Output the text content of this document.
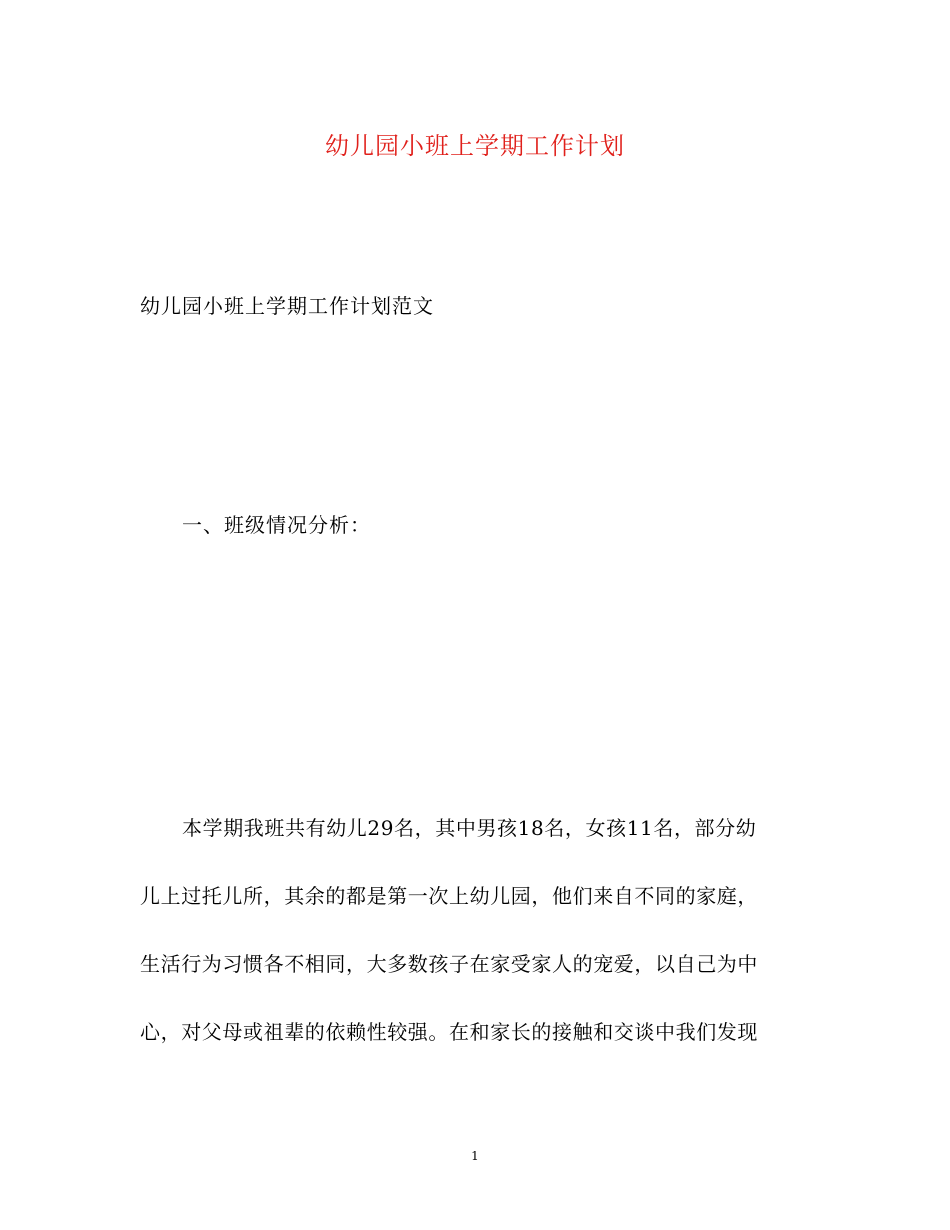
幼儿园小班上学期工作计划
幼儿园小班上学期工作计划范文
一、班级情况分析：

本学期我班共有幼儿29名，其中男孩18名，女孩11名，部分幼
儿上过托儿所，其余的都是第一次上幼儿园，他们来自不同的家庭，
生活行为习惯各不相同，大多数孩子在家受家人的宠爱，以自己为中
心，对父母或祖辈的依赖性较强。在和家长的接触和交谈中我们发现

1
